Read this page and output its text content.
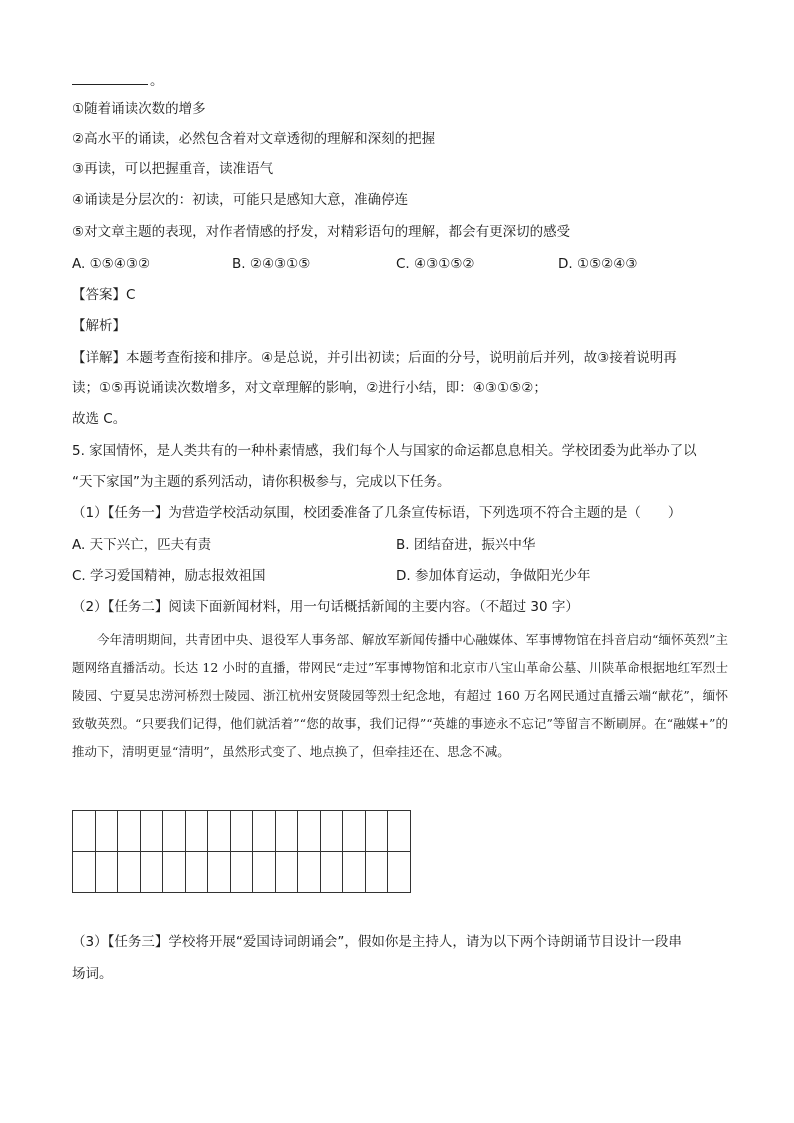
。
①随着诵读次数的增多
②高水平的诵读，必然包含着对文章透彻的理解和深刻的把握
③再读，可以把握重音，读准语气
④诵读是分层次的：初读，可能只是感知大意，准确停连
⑤对文章主题的表现，对作者情感的抒发，对精彩语句的理解，都会有更深切的感受
A. ①⑤④③②	B. ②④③①⑤	C. ④③①⑤②	D. ①⑤②④③
【答案】C
【解析】
【详解】本题考查衔接和排序。④是总说，并引出初读；后面的分号，说明前后并列，故③接着说明再
读；①⑤再说诵读次数增多，对文章理解的影响，②进行小结，即：④③①⑤②；
故选 C。
5. 家国情怀，是人类共有的一种朴素情感，我们每个人与国家的命运都息息相关。学校团委为此举办了以
“天下家国”为主题的系列活动，请你积极参与，完成以下任务。
（1）【任务一】为营造学校活动氛围，校团委准备了几条宣传标语，下列选项不符合主题的是（　　）
A. 天下兴亡，匹夫有责	B. 团结奋进，振兴中华
C. 学习爱国精神，励志报效祖国	D. 参加体育运动，争做阳光少年
（2）【任务二】阅读下面新闻材料，用一句话概括新闻的主要内容。（不超过 30 字）

今年清明期间，共青团中央、退役军人事务部、解放军新闻传播中心融媒体、军事博物馆在抖音启动“缅怀英烈”主题网络直播活动。长达 12 小时的直播，带网民“走过”军事博物馆和北京市八宝山革命公墓、川陕革命根据地红军烈士陵园、宁夏吴忠涝河桥烈士陵园、浙江杭州安贤陵园等烈士纪念地，有超过 160 万名网民通过直播云端“献花”，缅怀致敬英烈。“只要我们记得，他们就活着”“您的故事，我们记得”“英雄的事迹永不忘记”等留言不断刷屏。在“融媒+”的推动下，清明更显“清明”，虽然形式变了、地点换了，但牵挂还在、思念不减。

（3）【任务三】学校将开展“爱国诗词朗诵会”，假如你是主持人，请为以下两个诗朗诵节目设计一段串
场词。
